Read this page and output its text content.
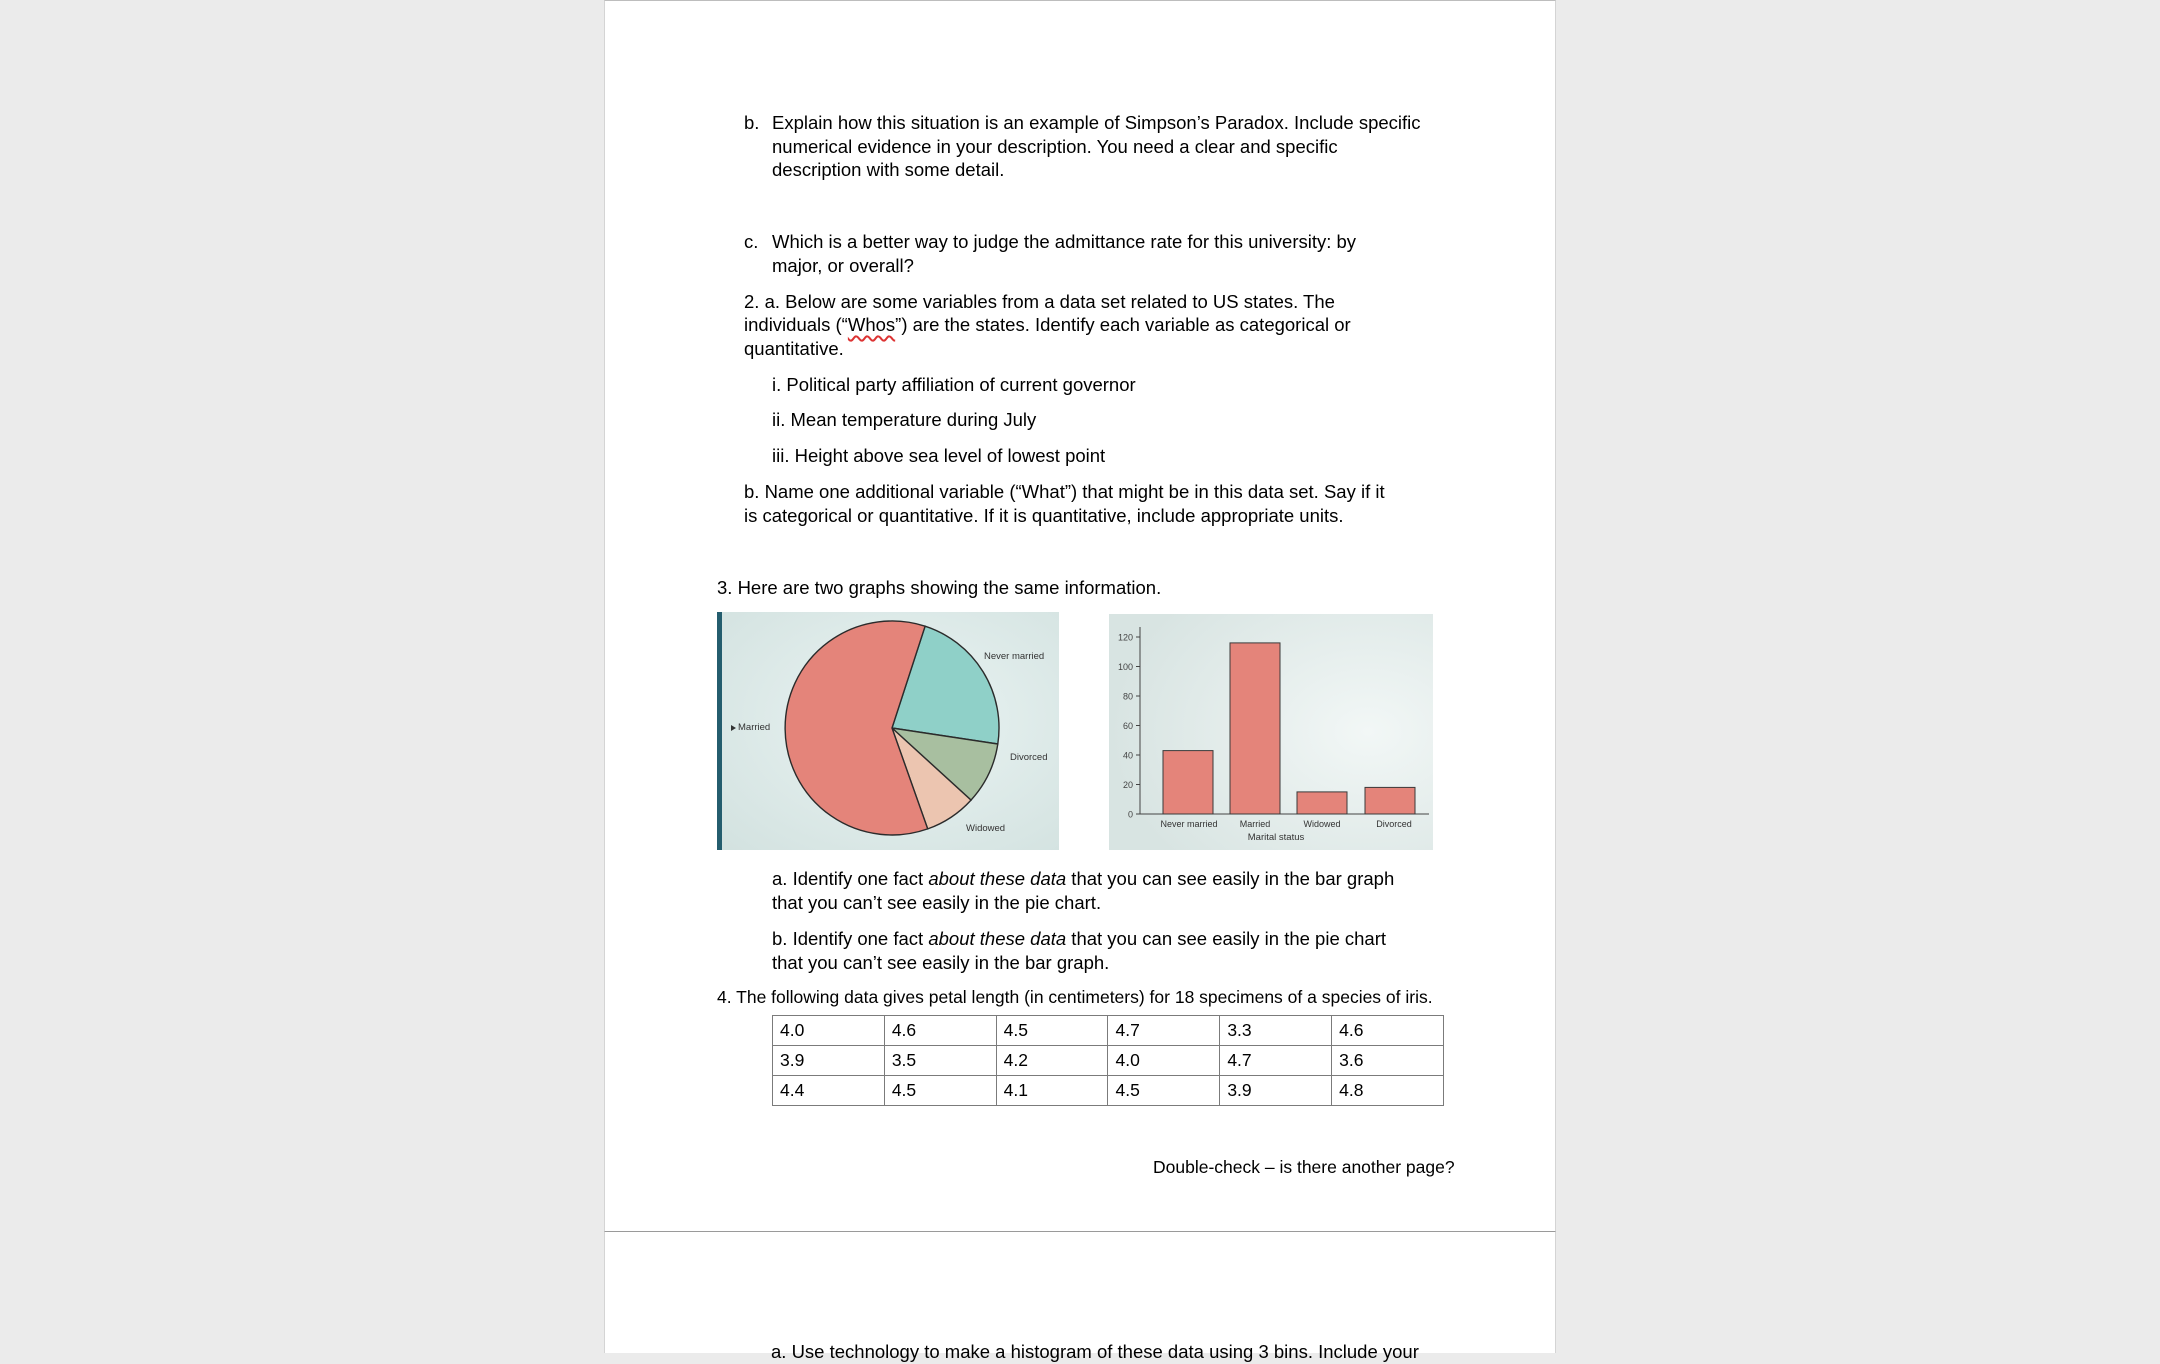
b. Explain how this situation is an example of Simpson’s Paradox. Include specific
numerical evidence in your description. You need a clear and specific
description with some detail.
c. Which is a better way to judge the admittance rate for this university: by
major, or overall?
2. a. Below are some variables from a data set related to US states. The
individuals (“Whos”) are the states. Identify each variable as categorical or
quantitative.
i. Political party affiliation of current governor
ii. Mean temperature during July
iii. Height above sea level of lowest point
b. Name one additional variable (“What”) that might be in this data set. Say if it
is categorical or quantitative. If it is quantitative, include appropriate units.
3. Here are two graphs showing the same information.
Married
Never married
Divorced
Widowed
0
20
40
60
80
100
120
Never married Married	Widowed	Divorced
Marital status
a. Identify one fact about these data that you can see easily in the bar graph
that you can’t see easily in the pie chart.
b. Identify one fact about these data that you can see easily in the pie chart
that you can’t see easily in the bar graph.
4. The following data gives petal length (in centimeters) for 18 specimens of a species of iris.
4.0	4.6	4.5	4.7	3.3	4.6
3.9	3.5	4.2	4.0	4.7	3.6
4.4	4.5	4.1	4.5	3.9	4.8
Double-check – is there another page?
a. Use technology to make a histogram of these data using 3 bins. Include your
